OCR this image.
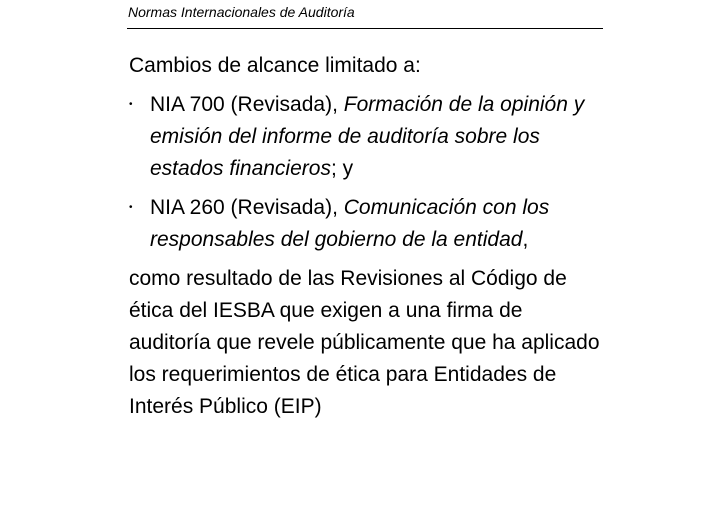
Normas Internacionales de Auditoría

Cambios de alcance limitado a:

• NIA 700 (Revisada), Formación de la opinión y emisión del informe de auditoría sobre los estados financieros; y
• NIA 260 (Revisada), Comunicación con los responsables del gobierno de la entidad,

como resultado de las Revisiones al Código de ética del IESBA que exigen a una firma de auditoría que revele públicamente que ha aplicado los requerimientos de ética para Entidades de Interés Público (EIP)
